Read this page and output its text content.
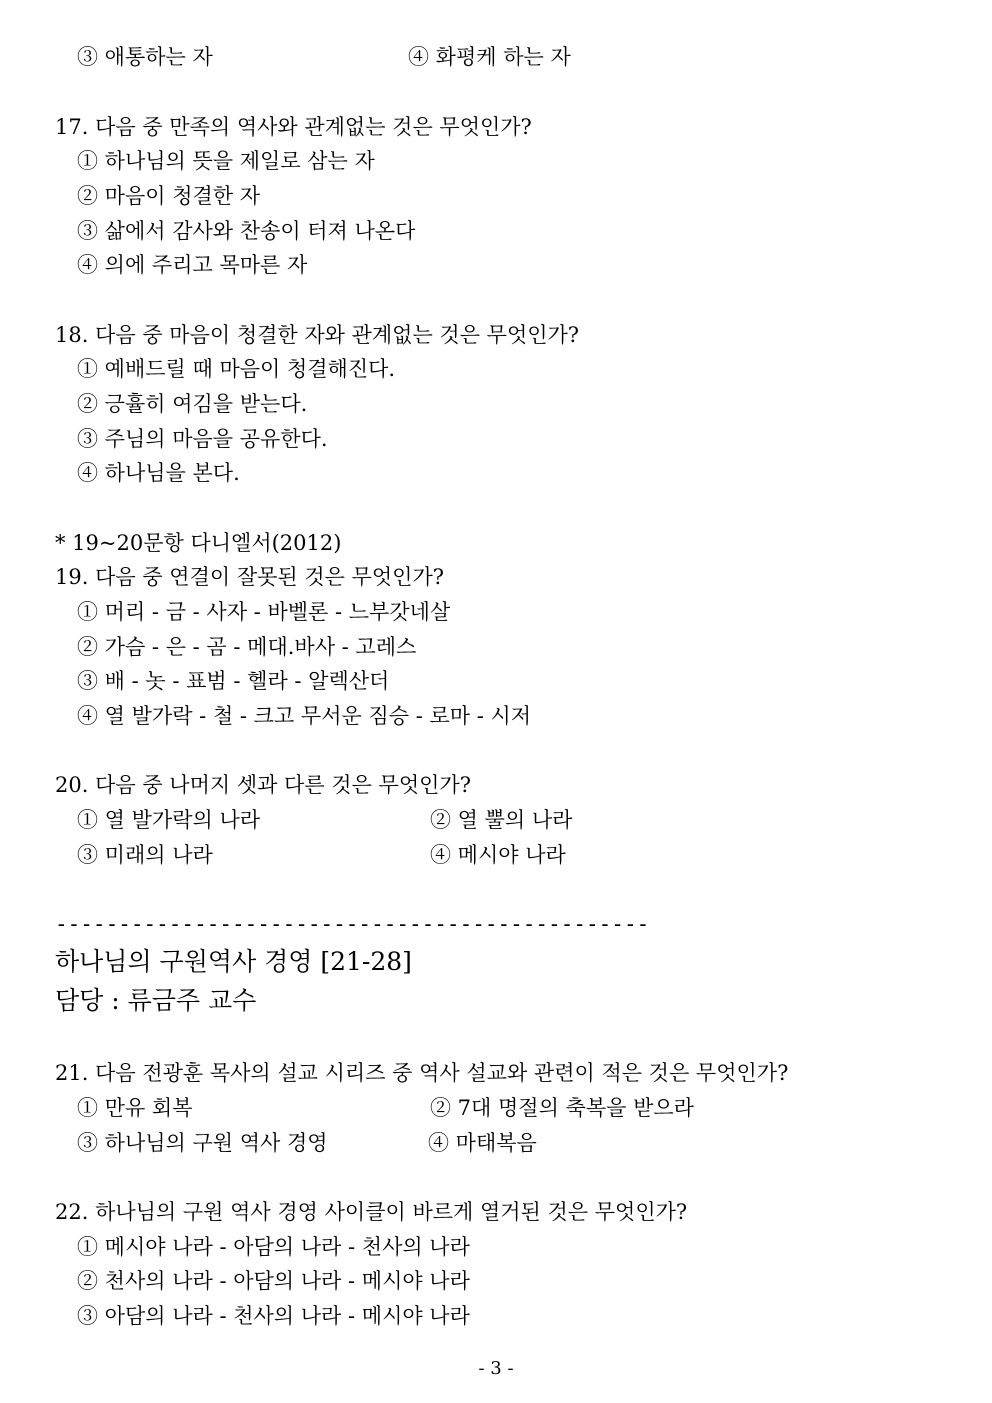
③ 애통하는 자	④ 화평케 하는 자
17. 다음 중 만족의 역사와 관계없는 것은 무엇인가?
① 하나님의 뜻을 제일로 삼는 자
② 마음이 청결한 자
③ 삶에서 감사와 찬송이 터져 나온다
④ 의에 주리고 목마른 자
18. 다음 중 마음이 청결한 자와 관계없는 것은 무엇인가?
① 예배드릴 때 마음이 청결해진다.
② 긍휼히 여김을 받는다.
③ 주님의 마음을 공유한다.
④ 하나님을 본다.
* 19~20문항 다니엘서(2012)
19. 다음 중 연결이 잘못된 것은 무엇인가?
① 머리 - 금 - 사자 - 바벨론 - 느부갓네살
② 가슴 - 은 - 곰 - 메대.바사 - 고레스
③ 배 - 놋 - 표범 - 헬라 - 알렉산더
④ 열 발가락 - 철 - 크고 무서운 짐승 - 로마 - 시저
20. 다음 중 나머지 셋과 다른 것은 무엇인가?
① 열 발가락의 나라	② 열 뿔의 나라
③ 미래의 나라	④ 메시야 나라
-----------------------------------------------
하나님의 구원역사 경영 [21-28]
담당 : 류금주 교수
21. 다음 전광훈 목사의 설교 시리즈 중 역사 설교와 관련이 적은 것은 무엇인가?
① 만유 회복	② 7대 명절의 축복을 받으라
③ 하나님의 구원 역사 경영	④ 마태복음
22. 하나님의 구원 역사 경영 사이클이 바르게 열거된 것은 무엇인가?
① 메시야 나라 - 아담의 나라 - 천사의 나라
② 천사의 나라 - 아담의 나라 - 메시야 나라
③ 아담의 나라 - 천사의 나라 - 메시야 나라
- 3 -
